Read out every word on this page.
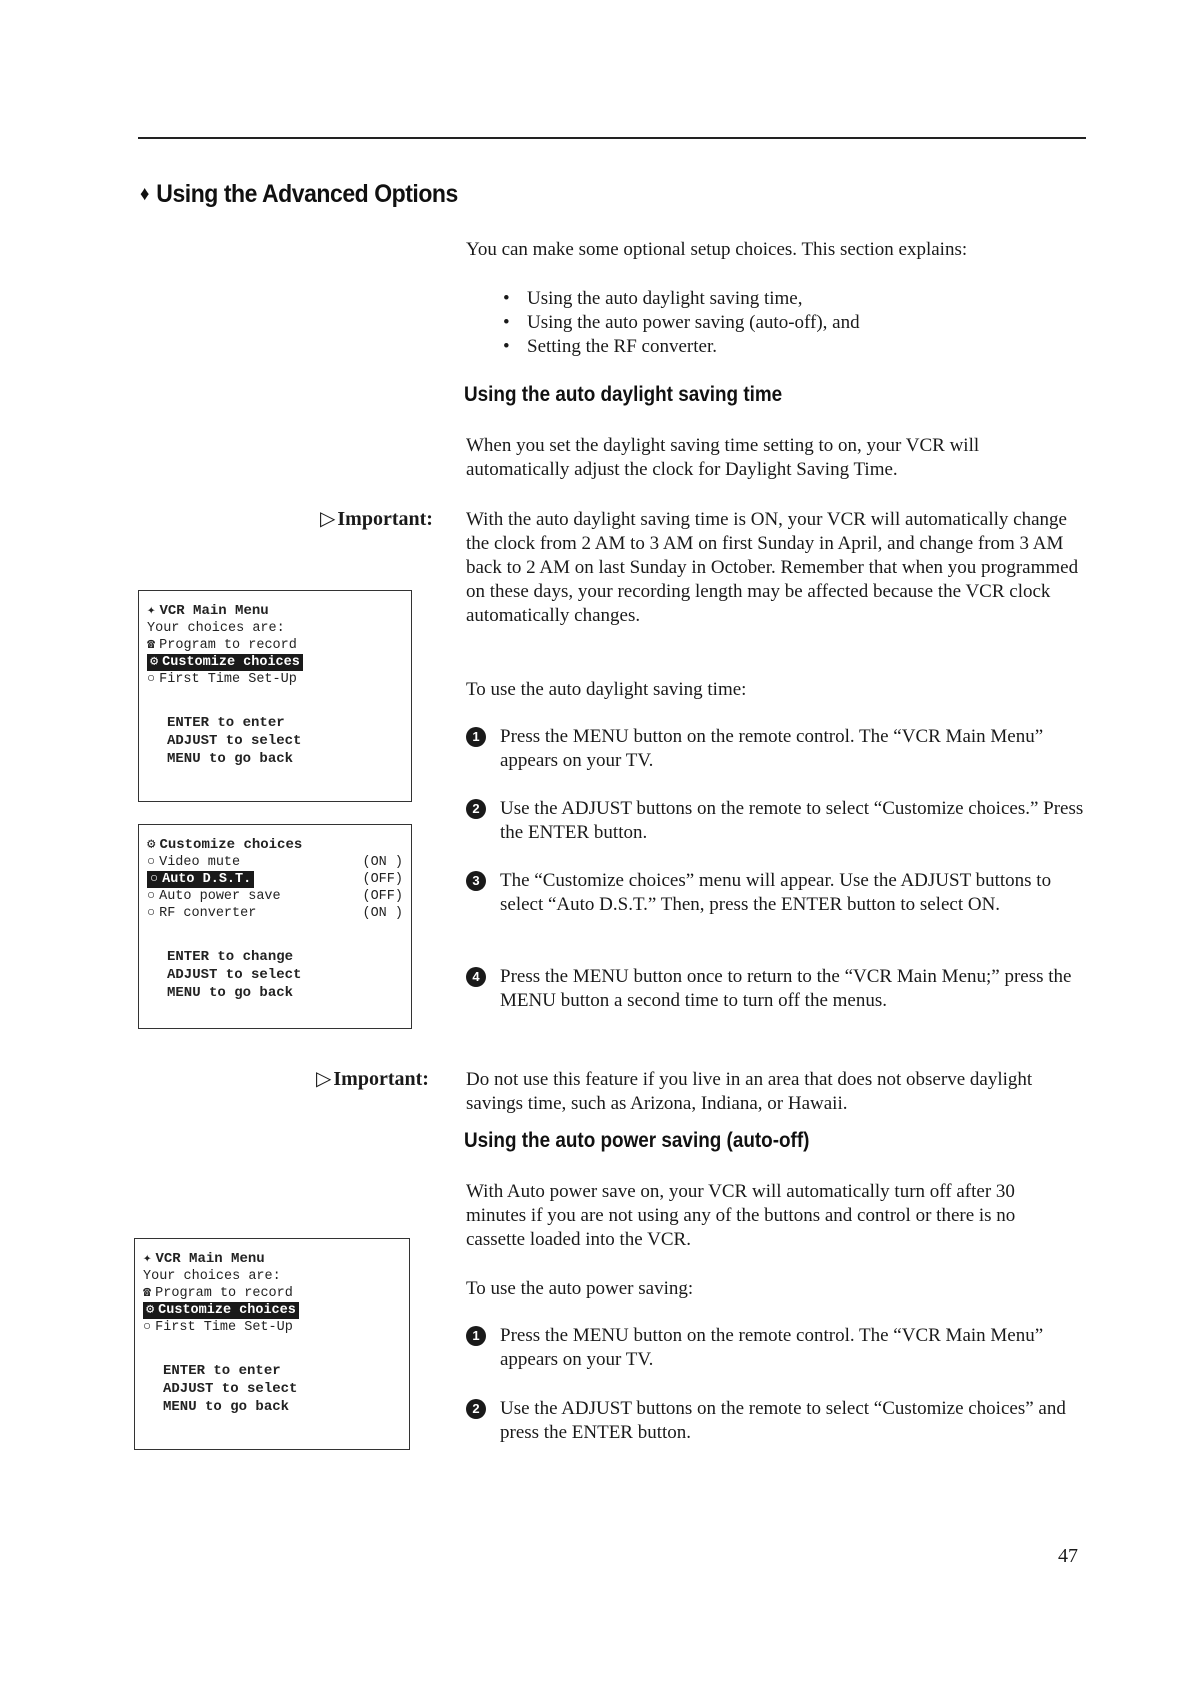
♦ Using the Advanced Options

You can make some optional setup choices. This section explains:

• Using the auto daylight saving time,
• Using the auto power saving (auto-off), and
• Setting the RF converter.
Using the auto daylight saving time

When you set the daylight saving time setting to on, your VCR will automatically adjust the clock for Daylight Saving Time.

▷ Important: With the auto daylight saving time is ON, your VCR will automatically change the clock from 2 AM to 3 AM on first Sunday in April, and change from 3 AM back to 2 AM on last Sunday in October. Remember that when you programmed on these days, your recording length may be affected because the VCR clock automatically changes.

To use the auto daylight saving time:

1	Press the MENU button on the remote control. The “VCR Main Menu” appears on your TV.

2	Use the ADJUST buttons on the remote to select “Customize choices.” Press the ENTER button.

3	The “Customize choices” menu will appear. Use the ADJUST buttons to select “Auto D.S.T.” Then, press the ENTER button to select ON.

4	Press the MENU button once to return to the “VCR Main Menu;” press the MENU button a second time to turn off the menus.

▷ Important: Do not use this feature if you live in an area that does not observe daylight savings time, such as Arizona, Indiana, or Hawaii.

Using the auto power saving (auto-off)

With Auto power save on, your VCR will automatically turn off after 30 minutes if you are not using any of the buttons and control or there is no cassette loaded into the VCR.

To use the auto power saving:

1	Press the MENU button on the remote control. The “VCR Main Menu” appears on your TV.

2	Use the ADJUST buttons on the remote to select “Customize choices” and press the ENTER button.

✦ VCR Main Menu
Your choices are:
☎ Program to record
⚙ Customize choices
○ First Time Set-Up
ENTER to enter
ADJUST to select
MENU to go back
⚙ Customize choices
○ Video mute	(ON )
○ Auto D.S.T.	(OFF)
○ Auto power save	(OFF)
○ RF converter	(ON )
ENTER to change
ADJUST to select
MENU to go back
✦ VCR Main Menu
Your choices are:
☎ Program to record
⚙ Customize choices
○ First Time Set-Up
ENTER to enter
ADJUST to select
MENU to go back
47
